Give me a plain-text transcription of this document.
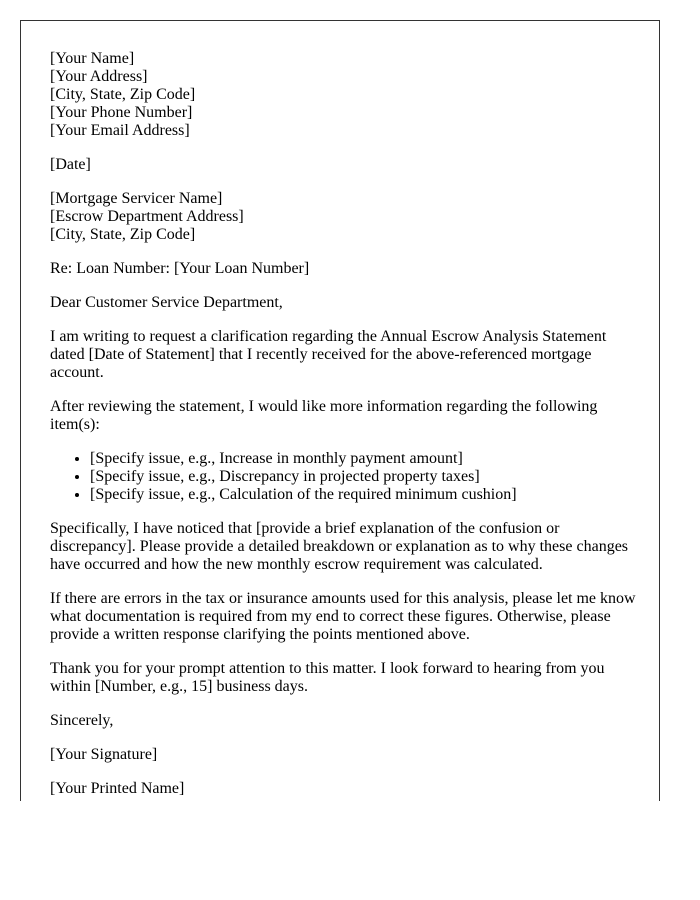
[Your Name]
[Your Address]
[City, State, Zip Code]
[Your Phone Number]
[Your Email Address]

[Date]

[Mortgage Servicer Name]
[Escrow Department Address]
[City, State, Zip Code]

Re: Loan Number: [Your Loan Number]

Dear Customer Service Department,

I am writing to request a clarification regarding the Annual Escrow Analysis Statement dated [Date of Statement] that I recently received for the above-referenced mortgage account.

After reviewing the statement, I would like more information regarding the following item(s):

• [Specify issue, e.g., Increase in monthly payment amount]
• [Specify issue, e.g., Discrepancy in projected property taxes]
• [Specify issue, e.g., Calculation of the required minimum cushion]

Specifically, I have noticed that [provide a brief explanation of the confusion or discrepancy]. Please provide a detailed breakdown or explanation as to why these changes have occurred and how the new monthly escrow requirement was calculated.

If there are errors in the tax or insurance amounts used for this analysis, please let me know what documentation is required from my end to correct these figures. Otherwise, please provide a written response clarifying the points mentioned above.

Thank you for your prompt attention to this matter. I look forward to hearing from you within [Number, e.g., 15] business days.

Sincerely,

[Your Signature]

[Your Printed Name]
